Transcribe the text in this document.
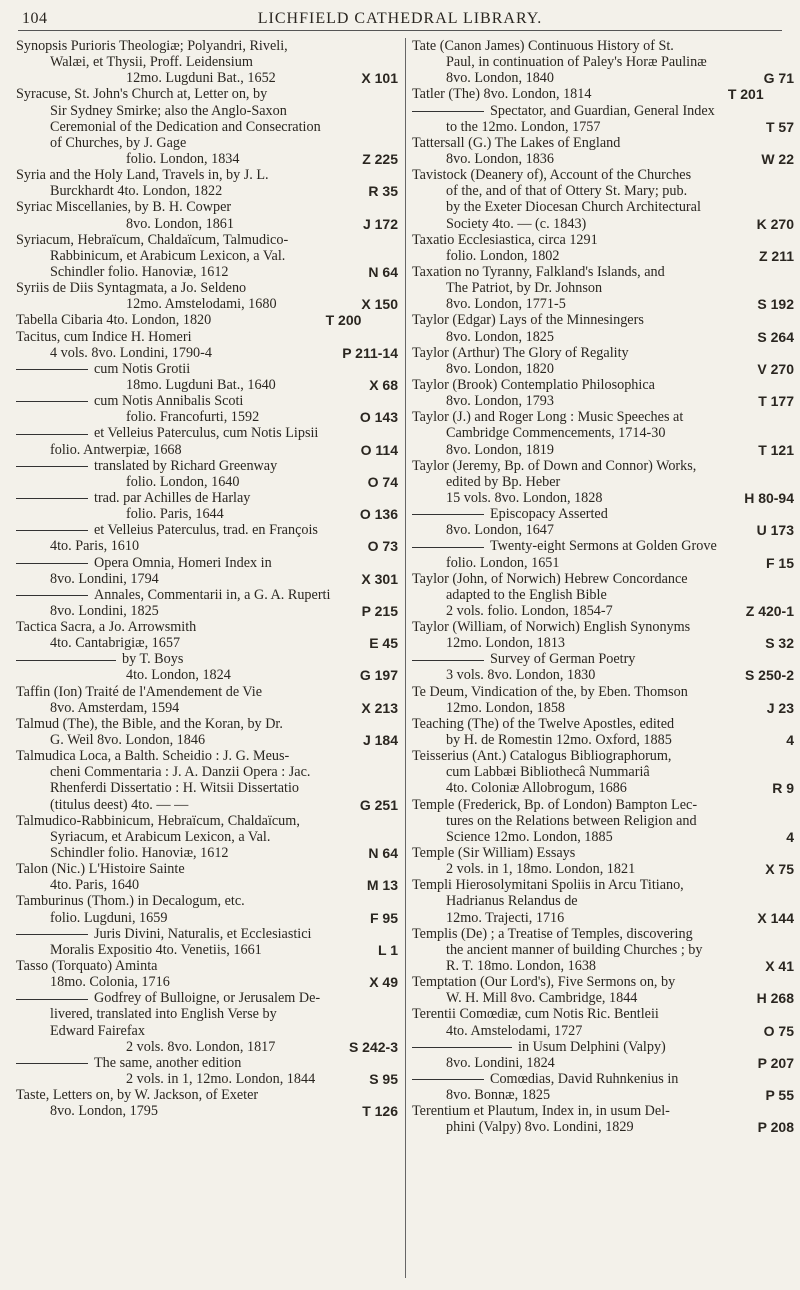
104	LICHFIELD CATHEDRAL LIBRARY.
Synopsis Purioris Theologiæ; Polyandri, Riveli,
Walæi, et Thysii, Proff. Leidensium
12mo. Lugduni Bat., 1652	X 101
Syracuse, St. John's Church at, Letter on, by
Sir Sydney Smirke; also the Anglo-Saxon
Ceremonial of the Dedication and Consecration
of Churches, by J. Gage
folio. London, 1834	Z 225
Syria and the Holy Land, Travels in, by J. L.
Burckhardt 4to. London, 1822	R 35
Syriac Miscellanies, by B. H. Cowper
8vo. London, 1861	J 172
Syriacum, Hebraïcum, Chaldaïcum, Talmudico-
Rabbinicum, et Arabicum Lexicon, a Val.
Schindler folio. Hanoviæ, 1612	N 64
Syriis de Diis Syntagmata, a Jo. Seldeno
12mo. Amstelodami, 1680	X 150
Tabella Cibaria 4to. London, 1820	T 200
Tacitus, cum Indice H. Homeri
4 vols. 8vo. Londini, 1790-4	P 211-14
cum Notis Grotii
18mo. Lugduni Bat., 1640	X 68
cum Notis Annibalis Scoti
folio. Francofurti, 1592	O 143
et Velleius Paterculus, cum Notis Lipsii
folio. Antwerpiæ, 1668	O 114
translated by Richard Greenway
folio. London, 1640	O 74
trad. par Achilles de Harlay
folio. Paris, 1644	O 136
et Velleius Paterculus, trad. en François
4to. Paris, 1610	O 73
Opera Omnia, Homeri Index in
8vo. Londini, 1794	X 301
Annales, Commentarii in, a G. A. Ruperti
8vo. Londini, 1825	P 215
Tactica Sacra, a Jo. Arrowsmith
4to. Cantabrigiæ, 1657	E 45
by T. Boys
4to. London, 1824	G 197
Taffin (Ion) Traité de l'Amendement de Vie
8vo. Amsterdam, 1594	X 213
Talmud (The), the Bible, and the Koran, by Dr.
G. Weil 8vo. London, 1846	J 184
Talmudica Loca, a Balth. Scheidio : J. G. Meus-
cheni Commentaria : J. A. Danzii Opera : Jac.
Rhenferdi Dissertatio : H. Witsii Dissertatio
(titulus deest) 4to. — —	G 251
Talmudico-Rabbinicum, Hebraïcum, Chaldaïcum,
Syriacum, et Arabicum Lexicon, a Val.
Schindler folio. Hanoviæ, 1612	N 64
Talon (Nic.) L'Histoire Sainte
4to. Paris, 1640	M 13
Tamburinus (Thom.) in Decalogum, etc.
folio. Lugduni, 1659	F 95
Juris Divini, Naturalis, et Ecclesiastici
Moralis Expositio 4to. Venetiis, 1661	L 1
Tasso (Torquato) Aminta
18mo. Colonia, 1716	X 49
Godfrey of Bulloigne, or Jerusalem De-
livered, translated into English Verse by
Edward Fairefax
2 vols. 8vo. London, 1817	S 242-3
The same, another edition
2 vols. in 1, 12mo. London, 1844	S 95
Taste, Letters on, by W. Jackson, of Exeter
8vo. London, 1795	T 126
Tate (Canon James) Continuous History of St.
Paul, in continuation of Paley's Horæ Paulinæ
8vo. London, 1840	G 71
Tatler (The) 8vo. London, 1814	T 201
Spectator, and Guardian, General Index
to the 12mo. London, 1757	T 57
Tattersall (G.) The Lakes of England
8vo. London, 1836	W 22
Tavistock (Deanery of), Account of the Churches
of the, and of that of Ottery St. Mary; pub.
by the Exeter Diocesan Church Architectural
Society 4to. — (c. 1843)	K 270
Taxatio Ecclesiastica, circa 1291
folio. London, 1802	Z 211
Taxation no Tyranny, Falkland's Islands, and
The Patriot, by Dr. Johnson
8vo. London, 1771-5	S 192
Taylor (Edgar) Lays of the Minnesingers
8vo. London, 1825	S 264
Taylor (Arthur) The Glory of Regality
8vo. London, 1820	V 270
Taylor (Brook) Contemplatio Philosophica
8vo. London, 1793	T 177
Taylor (J.) and Roger Long : Music Speeches at
Cambridge Commencements, 1714-30
8vo. London, 1819	T 121
Taylor (Jeremy, Bp. of Down and Connor) Works,
edited by Bp. Heber
15 vols. 8vo. London, 1828	H 80-94
Episcopacy Asserted
8vo. London, 1647	U 173
Twenty-eight Sermons at Golden Grove
folio. London, 1651	F 15
Taylor (John, of Norwich) Hebrew Concordance
adapted to the English Bible
2 vols. folio. London, 1854-7	Z 420-1
Taylor (William, of Norwich) English Synonyms
12mo. London, 1813	S 32
Survey of German Poetry
3 vols. 8vo. London, 1830	S 250-2
Te Deum, Vindication of the, by Eben. Thomson
12mo. London, 1858	J 23
Teaching (The) of the Twelve Apostles, edited
by H. de Romestin 12mo. Oxford, 1885	4
Teisserius (Ant.) Catalogus Bibliographorum,
cum Labbæi Bibliothecâ Nummariâ
4to. Coloniæ Allobrogum, 1686	R 9
Temple (Frederick, Bp. of London) Bampton Lec-
tures on the Relations between Religion and
Science 12mo. London, 1885	4
Temple (Sir William) Essays
2 vols. in 1, 18mo. London, 1821	X 75
Templi Hierosolymitani Spoliis in Arcu Titiano,
Hadrianus Relandus de
12mo. Trajecti, 1716	X 144
Templis (De) ; a Treatise of Temples, discovering
the ancient manner of building Churches ; by
R. T. 18mo. London, 1638	X 41
Temptation (Our Lord's), Five Sermons on, by
W. H. Mill 8vo. Cambridge, 1844	H 268
Terentii Comœdiæ, cum Notis Ric. Bentleii
4to. Amstelodami, 1727	O 75
in Usum Delphini (Valpy)
8vo. Londini, 1824	P 207
Comœdias, David Ruhnkenius in
8vo. Bonnæ, 1825	P 55
Terentium et Plautum, Index in, in usum Del-
phini (Valpy) 8vo. Londini, 1829	P 208
